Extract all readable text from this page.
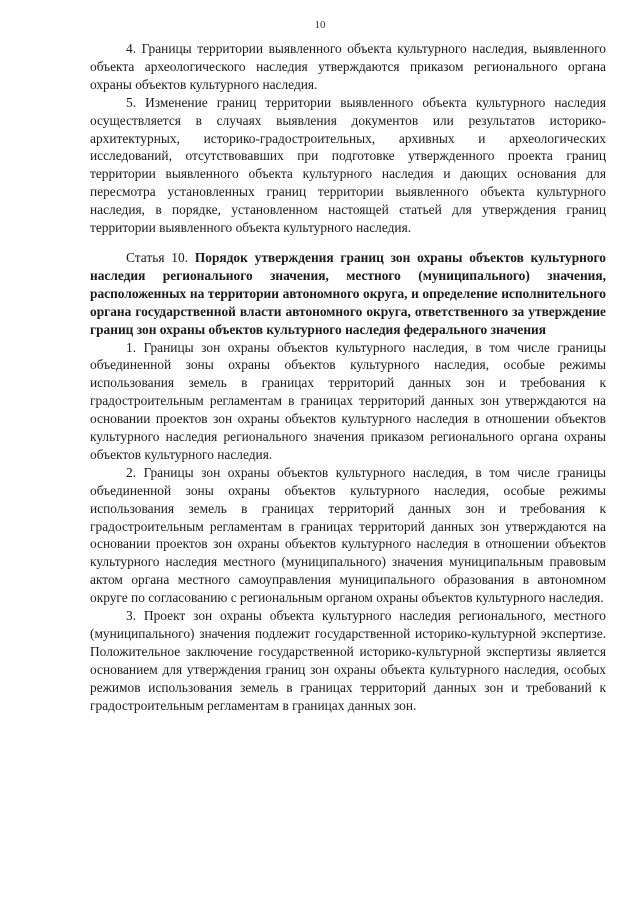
10

4. Границы территории выявленного объекта культурного наследия, выявленного объекта археологического наследия утверждаются приказом регионального органа охраны объектов культурного наследия.

5. Изменение границ территории выявленного объекта культурного наследия осуществляется в случаях выявления документов или результатов историко-архитектурных, историко-градостроительных, архивных и археологических исследований, отсутствовавших при подготовке утвержденного проекта границ территории выявленного объекта культурного наследия и дающих основания для пересмотра установленных границ территории выявленного объекта культурного наследия, в порядке, установленном настоящей статьей для утверждения границ территории выявленного объекта культурного наследия.

Статья 10. Порядок утверждения границ зон охраны объектов культурного наследия регионального значения, местного (муниципального) значения, расположенных на территории автономного округа, и определение исполнительного органа государственной власти автономного округа, ответственного за утверждение границ зон охраны объектов культурного наследия федерального значения

1. Границы зон охраны объектов культурного наследия, в том числе границы объединенной зоны охраны объектов культурного наследия, особые режимы использования земель в границах территорий данных зон и требования к градостроительным регламентам в границах территорий данных зон утверждаются на основании проектов зон охраны объектов культурного наследия в отношении объектов культурного наследия регионального значения приказом регионального органа охраны объектов культурного наследия.

2. Границы зон охраны объектов культурного наследия, в том числе границы объединенной зоны охраны объектов культурного наследия, особые режимы использования земель в границах территорий данных зон и требования к градостроительным регламентам в границах территорий данных зон утверждаются на основании проектов зон охраны объектов культурного наследия в отношении объектов культурного наследия местного (муниципального) значения муниципальным правовым актом органа местного самоуправления муниципального образования в автономном округе по согласованию с региональным органом охраны объектов культурного наследия.

3. Проект зон охраны объекта культурного наследия регионального, местного (муниципального) значения подлежит государственной историко-культурной экспертизе. Положительное заключение государственной историко-культурной экспертизы является основанием для утверждения границ зон охраны объекта культурного наследия, особых режимов использования земель в границах территорий данных зон и требований к градостроительным регламентам в границах данных зон.
